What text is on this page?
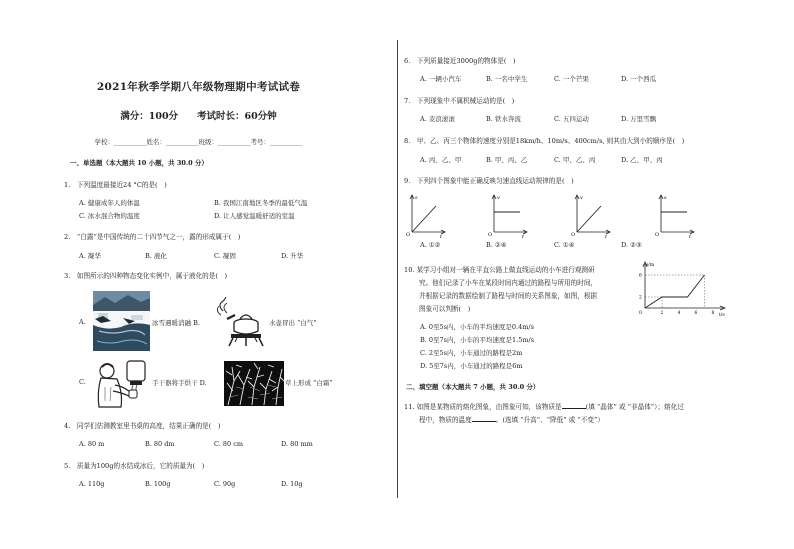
2021年秋季学期八年级物理期中考试试卷
满分：100分　　考试时长：60分钟
学校：__________姓名：__________班级：__________考号：__________
一、单选题（本大题共 10 小题，共 30.0 分）
1.　下列温度最接近24 °C的是(　)
A. 健康成年人的体温	B. 我国江南地区冬季的最低气温
C. 冰水混合物的温度	D. 让人感觉温暖舒适的室温
2.　“白露”是中国传统的二十四节气之一，露的形成属于(　)
A. 凝华	B. 液化	C. 凝固	D. 升华
3.　如图所示的四种物态变化实例中，属于液化的是(　)
A.	冰雪遇暖消融 B.	水壶冒出 “白气”
C.	手干器将手烘干 D.	草上形成 “白霜”
4.　同学们估测教室里书桌的高度，结果正确的是(　)
A. 80 m	B. 80 dm	C. 80 cm	D. 80 mm
5.　质量为100g的水结成冰后，它的质量为(　)
A. 110g	B. 100g	C. 90g	D. 10g
6.　下列质量接近3000g的物体是(　)
A. 一辆小汽车	B. 一名中学生	C. 一个芒果	D. 一个西瓜
7.　下列现象中不属机械运动的是(　)
A. 麦浪滚滚	B. 铁水奔流	C. 五四运动	D. 万里雪飘
8.　甲、乙、丙三个物体的速度分别是18km/h、10m/s、400cm/s, 则其由大到小的顺序是(　)
A. 丙、乙、甲	B. 甲、丙、乙	C. 甲、乙、丙	D. 乙、甲、丙
9.　下列四个图象中能正确反映匀速直线运动规律的是(　)
O
s
t	O
v
t	O
v
t	O
s
t
A. ①②	B. ②④	C. ①④	D. ②③
10. 某学习小组对一辆在平直公路上做直线运动的小车进行观测研
究。他们记录了小车在某段时间内通过的路程与所用的时间，
并根据记录的数据绘制了路程与时间的关系图象，如图，根据
图象可以判断(　)
s/m
0	t/s
2	4	6	8
2
6
A. 0至5s内，小车的平均速度是0.4m/s
B. 0至7s内，小车的平均速度是1.5m/s
C. 2至5s内，小车通过的路程是2m
D. 5至7s内，小车通过的路程是6m
二、填空题（本大题共 7 小题，共 30.0 分）
11. 如图是某物质的熔化图象，由图象可知，该物质是	(填 “晶体” 或 “非晶体”）；熔化过
程中，物质的温度	。(选填 “升高”、“降低” 或 “不变”）
